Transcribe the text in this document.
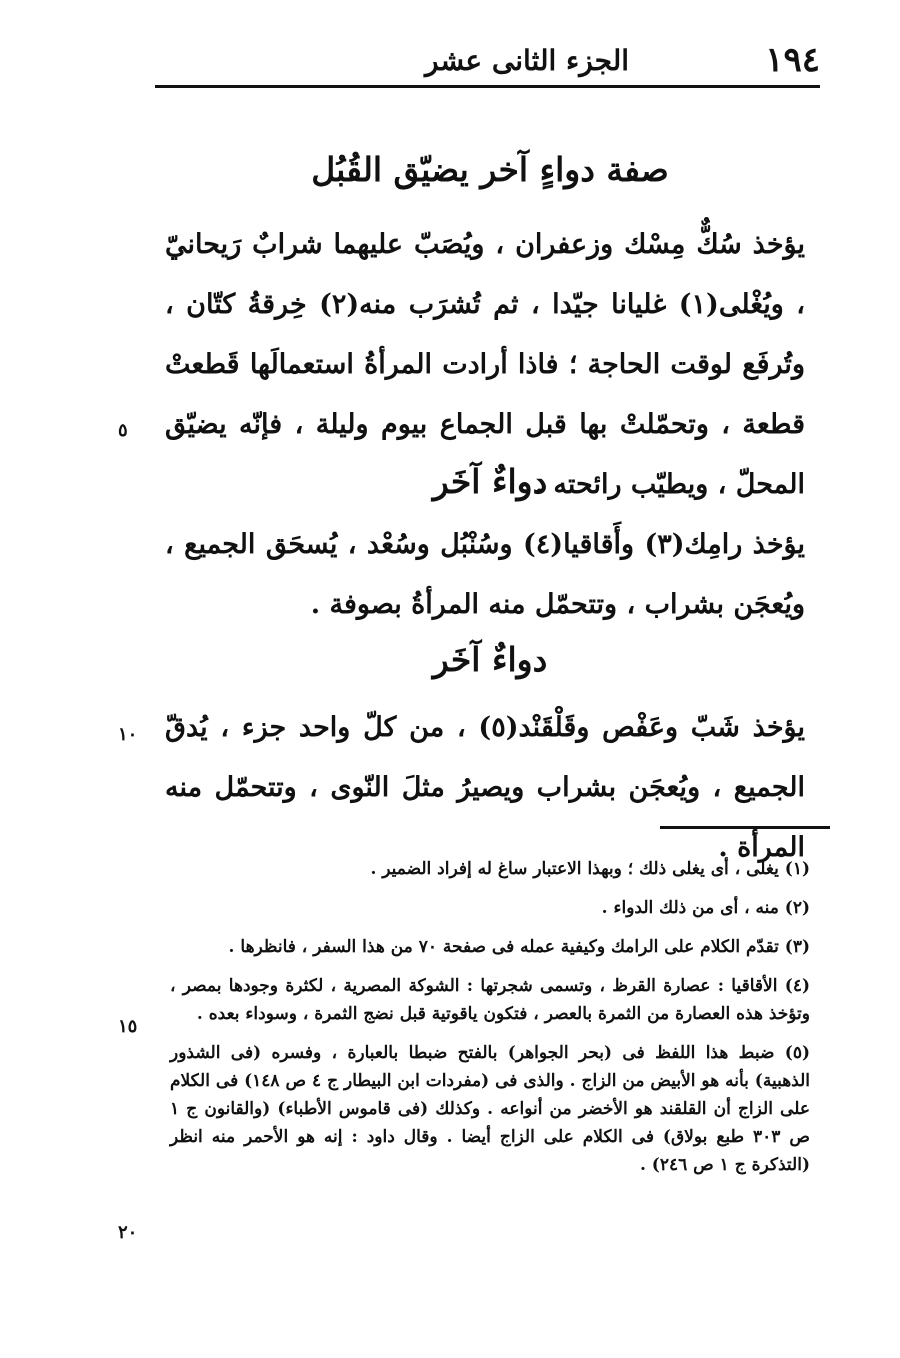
الجزء الثانى عشر	١٩٤
صفة دواءٍ آخر يضيّق القُبُل

يؤخذ سُكٌّ مِسْك وزعفران ، ويُصَبّ عليهما شرابٌ رَيحانيّ ، ويُغْلى(١) غليانا جيّدا ، ثم تُشرَب منه(٢) خِرقةُ كتّان ، وتُرفَع لوقت الحاجة ؛ فاذا أرادت المرأةُ استعمالَها قَطعتْ قطعة ، وتحمّلتْ بها قبل الجماع بيوم وليلة ، فإنّه يضيّق المحلّ ، ويطيّب رائحته .

٥
دواءٌ آخَر

يؤخذ رامِك(٣) وأَقاقيا(٤) وسُنْبُل وسُعْد ، يُسحَق الجميع ، ويُعجَن بشراب ، وتتحمّل منه المرأةُ بصوفة .

دواءٌ آخَر

يؤخذ شَبّ وعَفْص وقَلْقَنْد(٥) ، من كلّ واحد جزء ، يُدقّ الجميع ، ويُعجَن بشراب ويصيرُ مثلَ النّوى ، وتتحمّل منه المرأة .

١٠

(١) يغلى ، أى يغلى ذلك ؛ وبهذا الاعتبار ساغ له إفراد الضمير .

(٢) منه ، أى من ذلك الدواء .

(٣) تقدّم الكلام على الرامك وكيفية عمله فى صفحة ٧٠ من هذا السفر ، فانظرها .

(٤) الأقاقيا : عصارة القرظ ، وتسمى شجرتها : الشوكة المصرية ، لكثرة وجودها بمصر ، وتؤخذ هذه العصارة من الثمرة بالعصر ، فتكون ياقوتية قبل نضج الثمرة ، وسوداء بعده .

(٥) ضبط هذا اللفظ فى (بحر الجواهر) بالفتح ضبطا بالعبارة ، وفسره (فى الشذور الذهبية) بأنه هو الأبيض من الزاج . والذى فى (مفردات ابن البيطار ج ٤ ص ١٤٨) فى الكلام على الزاج أن القلقند هو الأخضر من أنواعه . وكذلك (فى قاموس الأطباء) (والقانون ج ١ ص ٣٠٣ طبع بولاق) فى الكلام على الزاج أيضا . وقال داود : إنه هو الأحمر منه انظر (التذكرة ج ١ ص ٢٤٦) .

١٥
٢٠
